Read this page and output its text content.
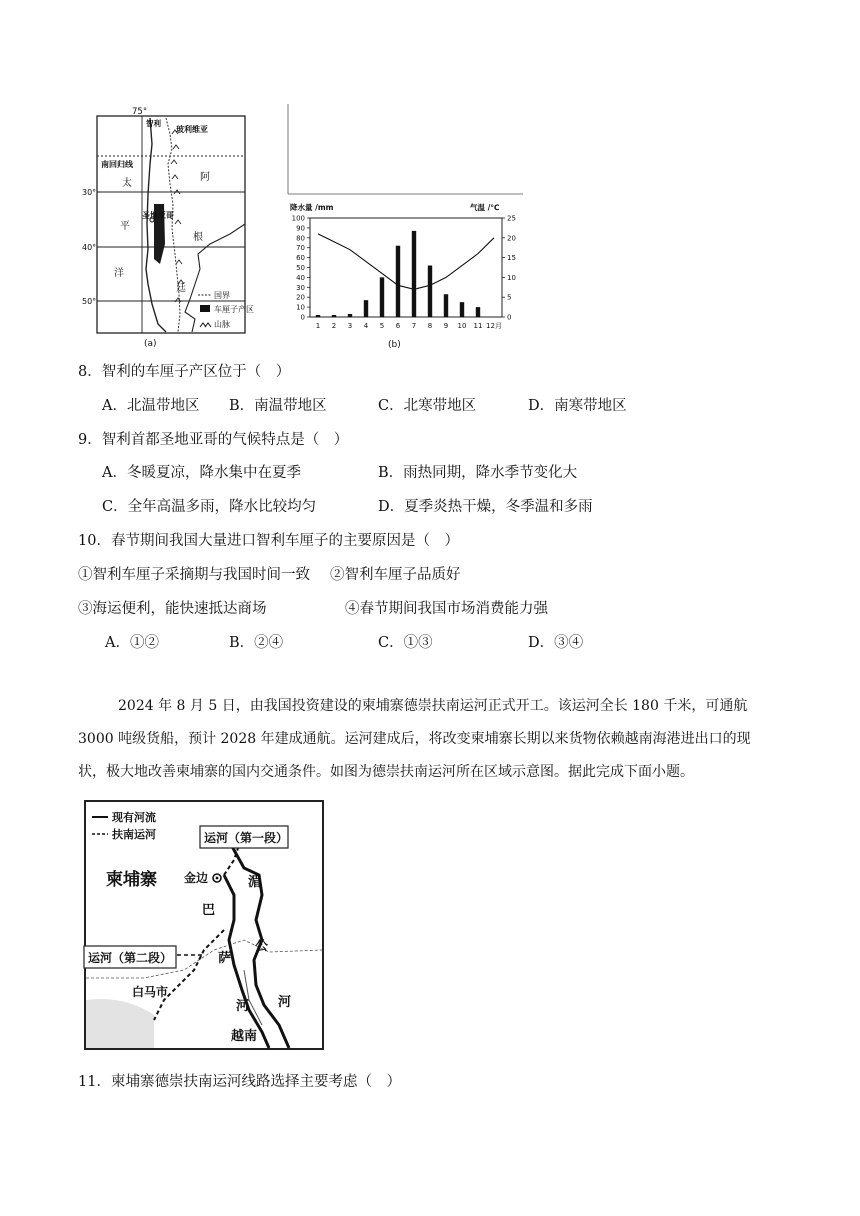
75°
30°
40°
50°
智利
玻利维亚
南回归线
圣地亚哥
太
平
洋
阿
根
廷
国界
车厘子产区
山脉
(a)
降水量 /mm	气温 /℃
(b)
100
90
80
70
60
50
40
30
20
10
0
25
20
15
10
5
0
1 2 3 4 5 6 7 8 9 10 11 12月
8．智利的车厘子产区位于（　）
A．北温带地区 B．南温带地区	C．北寒带地区	D．南寒带地区
9．智利首都圣地亚哥的气候特点是（　）
A．冬暖夏凉，降水集中在夏季	B．雨热同期，降水季节变化大
C．全年高温多雨，降水比较均匀	D．夏季炎热干燥，冬季温和多雨
10．春节期间我国大量进口智利车厘子的主要原因是（　）
①智利车厘子采摘期与我国时间一致 ②智利车厘子品质好
③海运便利，能快速抵达商场	④春节期间我国市场消费能力强
A．①②	B．②④	C．①③	D．③④
2024 年 8 月 5 日，由我国投资建设的柬埔寨德崇扶南运河正式开工。该运河全长 180 千米，可通航 3000 吨级货船，预计 2028 年建成通航。运河建成后，将改变柬埔寨长期以来货物依赖越南海港进出口的现状，极大地改善柬埔寨的国内交通条件。如图为德崇扶南运河所在区域示意图。据此完成下面小题。
现有河流
扶南运河	运河（第一段）
运河（第二段）
柬埔寨 金边
白马市
越南
湄
公
河
巴
萨
河
11．柬埔寨德崇扶南运河线路选择主要考虑（　）
